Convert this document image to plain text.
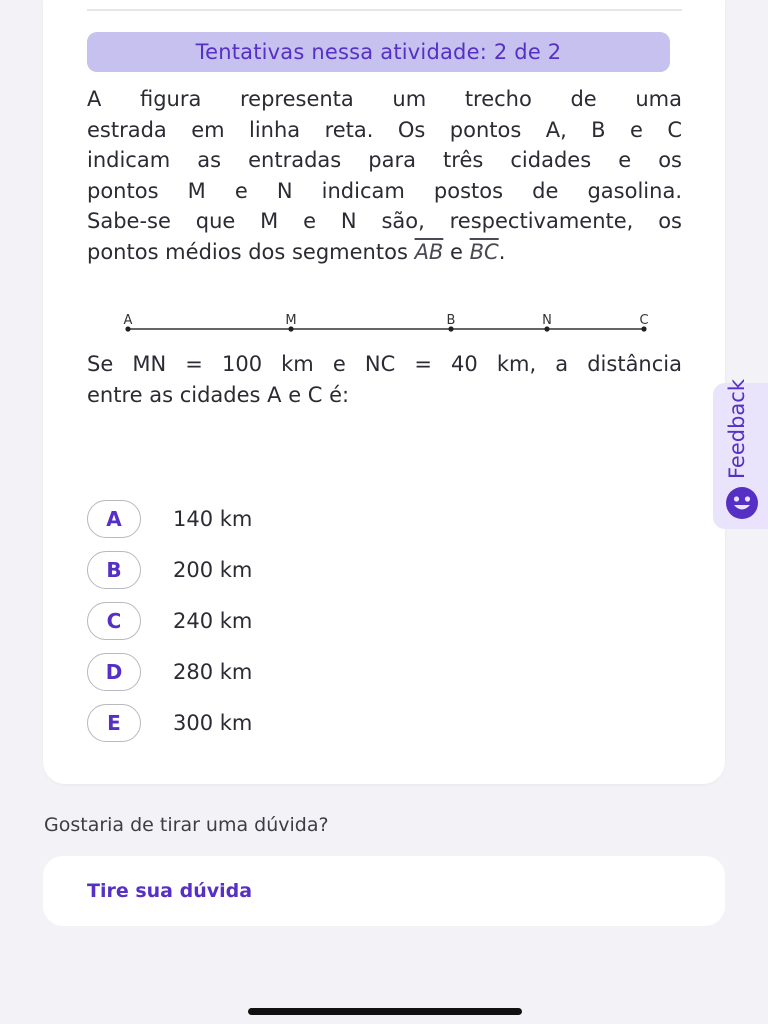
Tentativas nessa atividade: 2 de 2

A figura representa um trecho de uma
estrada em linha reta. Os pontos A, B e C
indicam as entradas para três cidades e os
pontos M e N indicam postos de gasolina.
Sabe-se que M e N são, respectivamente, os
pontos médios dos segmentos $\overline{AB}$ e $\overline{BC}$.

A	M	B	N	C

Se MN = 100 km e NC = 40 km, a distância
entre as cidades A e C é:

A	140 km
B	200 km
C	240 km
D	280 km
E	300 km
Feedback

Gostaria de tirar uma dúvida?

Tire sua dúvida
